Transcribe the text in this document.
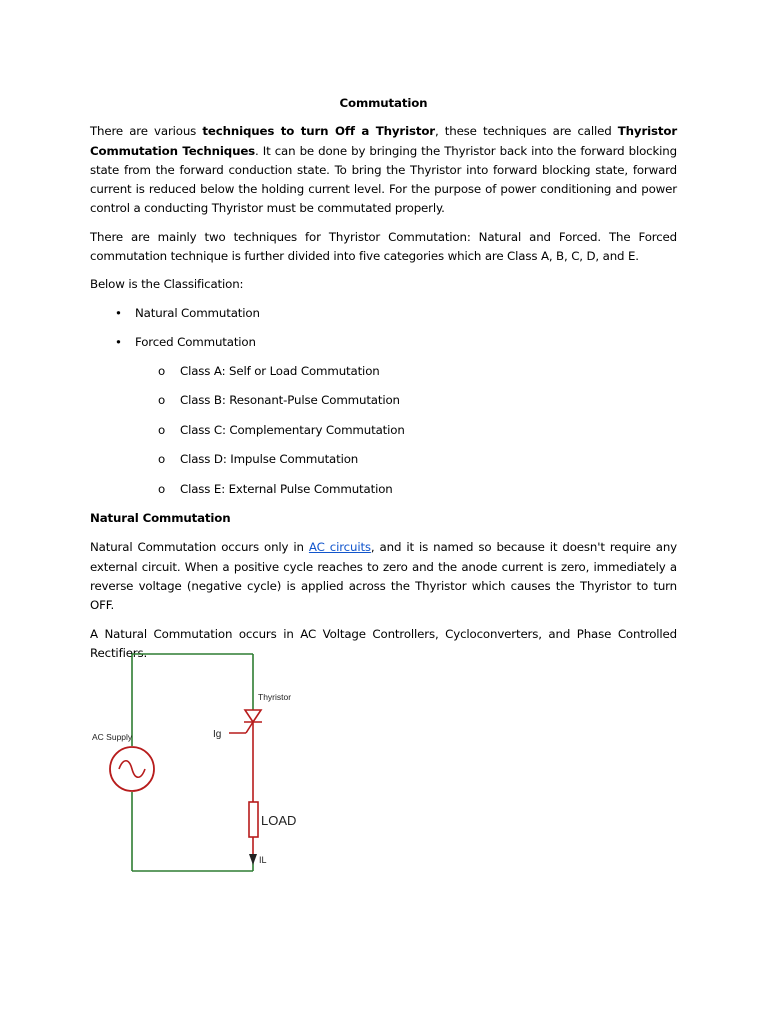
Commutation

There are various techniques to turn Off a Thyristor, these techniques are called Thyristor Commutation Techniques. It can be done by bringing the Thyristor back into the forward blocking state from the forward conduction state. To bring the Thyristor into forward blocking state, forward current is reduced below the holding current level. For the purpose of power conditioning and power control a conducting Thyristor must be commutated properly.

There are mainly two techniques for Thyristor Commutation: Natural and Forced. The Forced commutation technique is further divided into five categories which are Class A, B, C, D, and E.

Below is the Classification:

• Natural Commutation
• Forced Commutation
o Class A: Self or Load Commutation
o Class B: Resonant-Pulse Commutation
o Class C: Complementary Commutation
o Class D: Impulse Commutation
o Class E: External Pulse Commutation
Natural Commutation

Natural Commutation occurs only in AC circuits, and it is named so because it doesn't require any external circuit. When a positive cycle reaches to zero and the anode current is zero, immediately a reverse voltage (negative cycle) is applied across the Thyristor which causes the Thyristor to turn OFF.

A Natural Commutation occurs in AC Voltage Controllers, Cycloconverters, and Phase Controlled Rectifiers.

AC Supply
Thyristor
Ig
LOAD
IL
